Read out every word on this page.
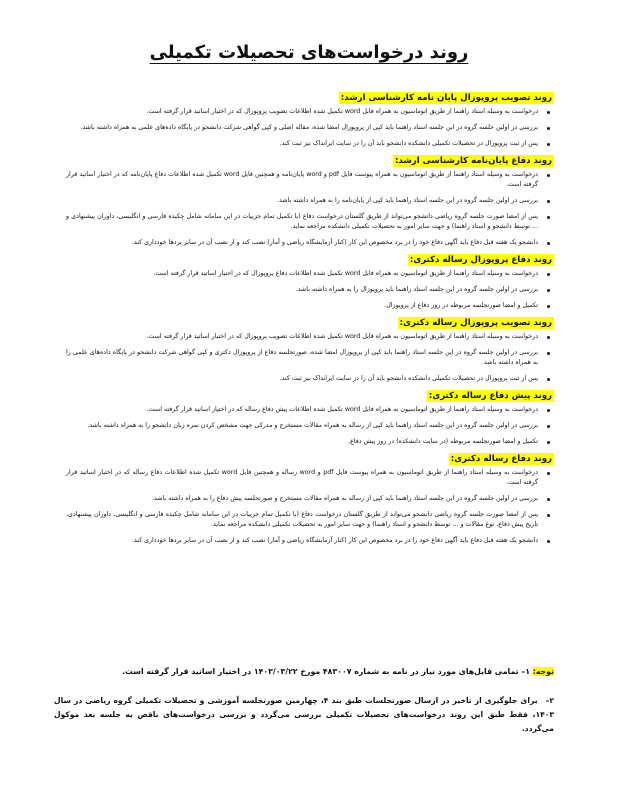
روند درخواست‌های تحصیلات تکمیلی
روند تصویب پروپوزال پایان نامه کارشناسی ارشد:
درخواست به وسیله استاد راهنما از طریق اتوماسیون به همراه فایل word تکمیل شده اطلاعات تصویب پروپوزال که در اختیار اساتید قرار گرفته است.
بررسی در اولین جلسه گروه در این جلسه استاد راهنما باید کپی از پروپوزال امضا شده، مقاله اصلی و کپی گواهی شرکت دانشجو در پایگاه داده‌های علمی به همراه داشته باشد.
پس از ثبت پروپوزال در تحصیلات تکمیلی دانشکده دانشجو باید آن را در سایت ایرانداک نیز ثبت کند.
روند دفاع پایان‌نامه کارشناسی ارشد:
درخواست به وسیله استاد راهنما از طریق اتوماسیون به همراه پیوست فایل pdf و word پایان‌نامه و همچنین فایل word تکمیل شده اطلاعات دفاع پایان‌نامه که در اختیار اساتید قرار گرفته است.
بررسی در اولین جلسه گروه در این جلسه استاد راهنما باید کپی از پایان‌نامه را به همراه داشته باشد.
پس از امضا صورت جلسه گروه ریاضی دانشجو می‌تواند از طریق گلستان درخواست دفاع (با تکمیل تمام جزییات در این سامانه شامل چکیده فارسی و انگلیسی، داوران پیشنهادی و ... توسط دانشجو و استاد راهنما) و جهت سایر امور به تحصیلات تکمیلی دانشکده مراجعه نماید.
دانشجو یک هفته قبل دفاع باید آگهی دفاع خود را در برد مخصوص این کار (کنار آزمایشگاه ریاضی و آمار) نصب کند و از نصب آن در سایر بردها خودداری کند.
روند دفاع پروپوزال رساله دکتری:
درخواست به وسیله استاد راهنما از طریق اتوماسیون به همراه فایل word تکمیل شده اطلاعات دفاع پروپوزال که در اختیار اساتید قرار گرفته است.
بررسی در اولین جلسه گروه در این جلسه استاد راهنما باید پروپوزال را به همراه داشته باشد.
تکمیل و امضا صورتجلسه مربوطه در روز دفاع از پروپوزال.
روند تصویب پروپوزال رساله دکتری:
درخواست به وسیله استاد راهنما از طریق اتوماسیون به همراه فایل word تکمیل شده اطلاعات تصویب پروپوزال که در اختیار اساتید قرار گرفته است.
بررسی در اولین جلسه گروه در این جلسه استاد راهنما باید کپی از پروپوزال امضا شده، صورتجلسه دفاع از پروپوزال دکتری و کپی گواهی شرکت دانشجو در پایگاه داده‌های علمی را به همراه داشته باشد.
پس از ثبت پروپوزال در تحصیلات تکمیلی دانشکده دانشجو باید آن را در سایت ایرانداک نیز ثبت کند.
روند پیش دفاع رساله دکتری:
درخواست به وسیله استاد راهنما از طریق اتوماسیون به همراه فایل word تکمیل شده اطلاعات پیش دفاع رساله که در اختیار اساتید قرار گرفته است.
بررسی در اولین جلسه گروه در این جلسه استاد راهنما باید کپی از رساله به همراه مقالات مستخرج و مدرکی جهت مشخص کردن نمره زبان دانشجو را به همراه داشته باشد.
تکمیل و امضا صورتجلسه مربوطه (در سایت دانشکده) در روز پیش دفاع.
روند دفاع رساله دکتری:
درخواست به وسیله استاد راهنما از طریق اتوماسیون به همراه پیوست فایل pdf و word رساله و همچنین فایل word تکمیل شده اطلاعات دفاع رساله که در اختیار اساتید قرار گرفته است.
بررسی در اولین جلسه گروه در این جلسه استاد راهنما باید کپی از رساله به همراه مقالات مستخرج و صورتجلسه پیش دفاع را به همراه داشته باشد.
پس از امضا صورت جلسه گروه ریاضی دانشجو می‌تواند از طریق گلستان درخواست دفاع (با تکمیل تمام جزییات در این سامانه شامل چکیده فارسی و انگلیسی، داوران پیشنهادی، تاریخ پیش دفاع، نوع مقالات و ... توسط دانشجو و استاد راهنما) و جهت سایر امور به تحصیلات تکمیلی دانشکده مراجعه نماید.
دانشجو یک هفته قبل دفاع باید آگهی دفاع خود را در برد مخصوص این کار (کنار آزمایشگاه ریاضی و آمار) نصب کند و از نصب آن در سایر بردها خودداری کند.
توجه: ۱– تمامی فایل‌های مورد نیاز در نامه به شماره ۴۸۳۰۰۷ مورخ ۱۴۰۳/۰۳/۲۲ در اختیار اساتید قرار گرفته است.
۲–
برای جلوگیری از تاخیر در ارسال صورتجلسات طبق بند ۴، چهارمین صورتجلسه آموزشی و تحصیلات تکمیلی گروه ریاضی در سال ۱۴۰۳، فقط طبق این روند درخواست‌های تحصیلات تکمیلی بررسی می‌گردد و بررسی درخواست‌های ناقص به جلسه بعد موکول می‌گردد.
